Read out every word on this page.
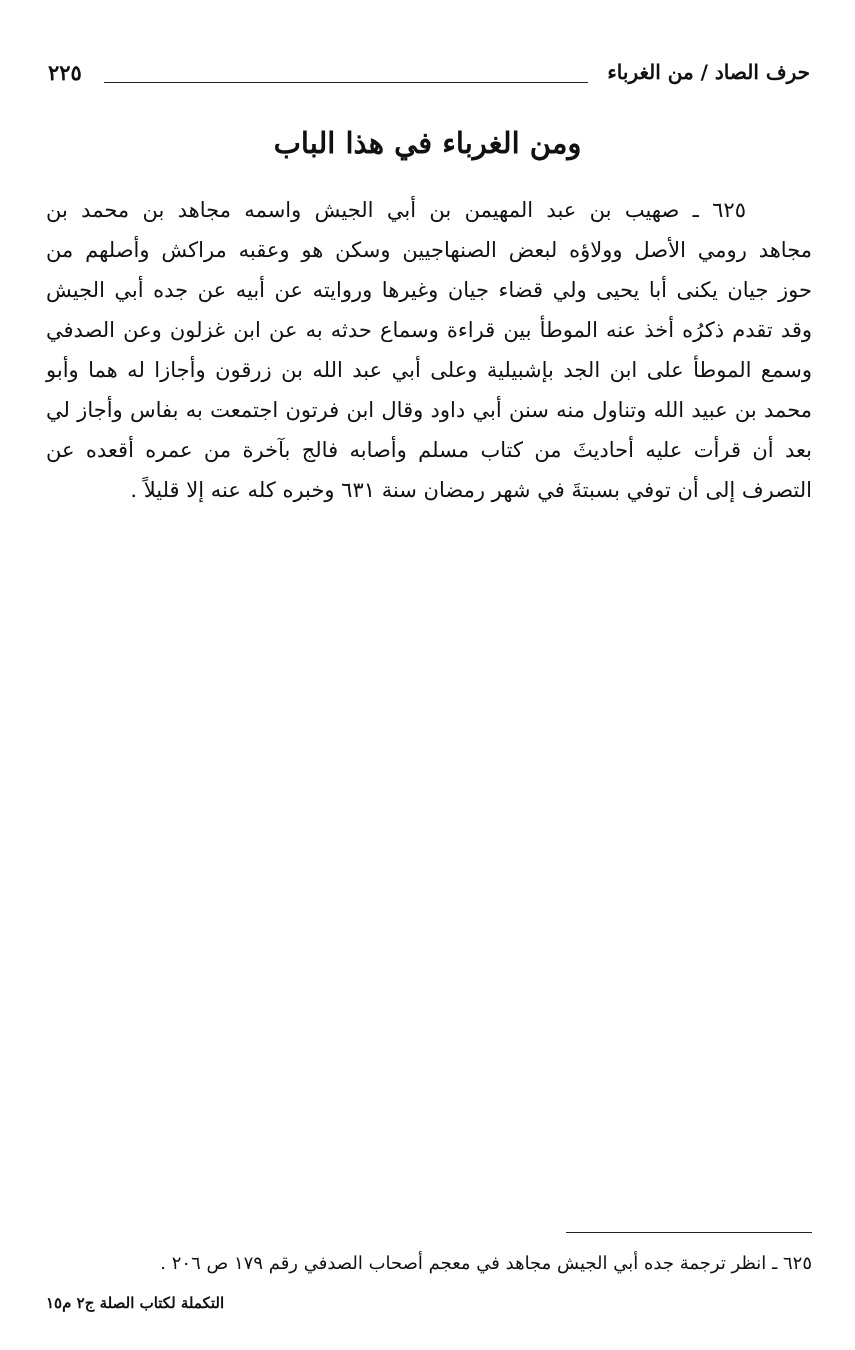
حرف الصاد / من الغرباء
٢٢٥
ومن الغرباء في هذا الباب
٦٢٥ ـ صهيب بن عبد المهيمن بن أبي الجيش واسمه مجاهد بن محمد بن
مجاهد رومي الأصل وولاؤه لبعض الصنهاجيين وسكن هو وعقبه مراكش وأصلهم من
حوز جيان يكنى أبا يحيى ولي قضاء جيان وغيرها وروايته عن أبيه عن جده أبي الجيش
وقد تقدم ذكرُه أخذ عنه الموطأ بين قراءة وسماع حدثه به عن ابن غزلون وعن الصدفي
وسمع الموطأ على ابن الجد بإشبيلية وعلى أبي عبد الله بن زرقون وأجازا له هما وأبو
محمد بن عبيد الله وتناول منه سنن أبي داود وقال ابن فرتون اجتمعت به بفاس وأجاز لي
بعد أن قرأت عليه أحاديثَ من كتاب مسلم وأصابه فالج بآخرة من عمره أقعده عن
التصرف إلى أن توفي بسبتةَ في شهر رمضان سنة ٦٣١ وخبره كله عنه إلا قليلاً .
٦٢٥ ـ انظر ترجمة جده أبي الجيش مجاهد في معجم أصحاب الصدفي رقم ١٧٩ ص ٢٠٦ .
التكملة لكتاب الصلة ج٢ م١٥
